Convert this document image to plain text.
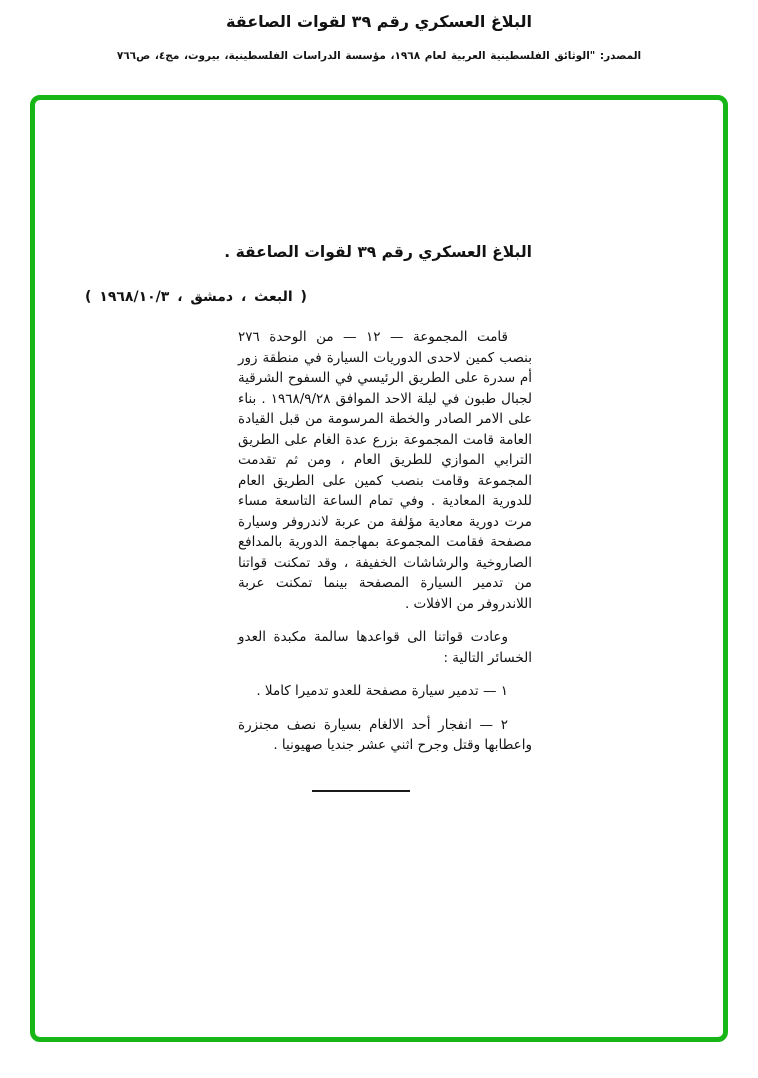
البلاغ العسكري رقم ٣٩ لقوات الصاعقة
المصدر: "الوثائق الفلسطينية العربية لعام ١٩٦٨، مؤسسة الدراسات الفلسطينية، بيروت، مج٤، ص٧٦٦
البلاغ العسكري رقم ٣٩ لقوات الصاعقة .
( البعث ، دمشق ، ١٩٦٨/١٠/٣ )

قامت المجموعة — ١٢ — من الوحدة ٢٧٦ بنصب كمين لاحدى الدوريات السيارة في منطقة زور أم سدرة على الطريق الرئيسي في السفوح الشرقية لجبال طبون في ليلة الاحد الموافق ١٩٦٨/٩/٢٨ . بناء على الامر الصادر والخطة المرسومة من قبل القيادة العامة قامت المجموعة بزرع عدة الغام على الطريق الترابي الموازي للطريق العام ، ومن ثم تقدمت المجموعة وقامت بنصب كمين على الطريق العام للدورية المعادية . وفي تمام الساعة التاسعة مساء مرت دورية معادية مؤلفة من عربة لاندروفر وسيارة مصفحة فقامت المجموعة بمهاجمة الدورية بالمدافع الصاروخية والرشاشات الخفيفة ، وقد تمكنت قواتنا من تدمير السيارة المصفحة بينما تمكنت عربة اللاندروفر من الافلات .

وعادت قواتنا الى قواعدها سالمة مكبدة العدو الخسائر التالية :

١ — تدمير سيارة مصفحة للعدو تدميرا كاملا .

٢ — انفجار أحد الالغام بسيارة نصف مجنزرة واعطابها وقتل وجرح اثني عشر جنديا صهيونيا .
